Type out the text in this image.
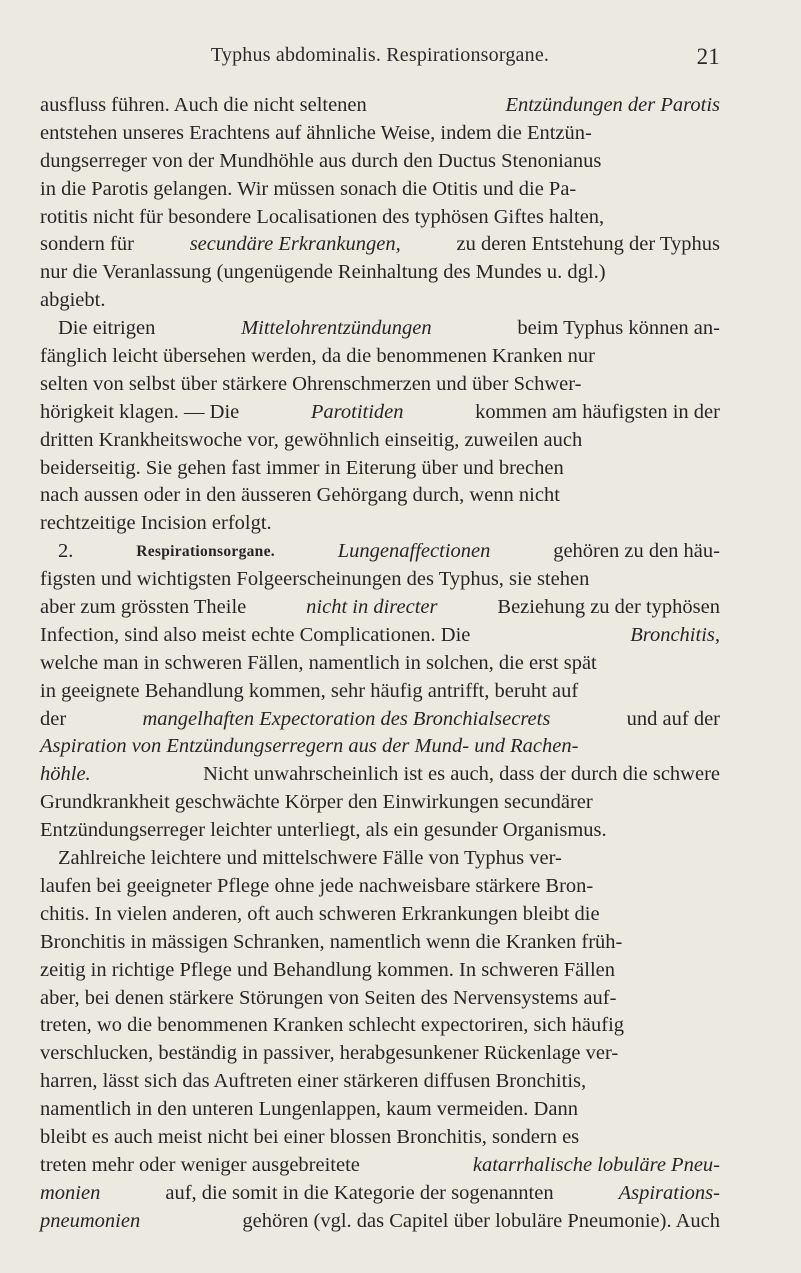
Typhus abdominalis. Respirationsorgane.	21
ausfluss führen. Auch die nicht seltenen	Entzündungen der Parotis
entstehen unseres Erachtens auf ähnliche Weise, indem die Entzün-
dungserreger von der Mundhöhle aus durch den Ductus Stenonianus
in die Parotis gelangen. Wir müssen sonach die Otitis und die Pa-
rotitis nicht für besondere Localisationen des typhösen Giftes halten,
sondern für	secundäre Erkrankungen,	zu deren Entstehung der Typhus
nur die Veranlassung (ungenügende Reinhaltung des Mundes u. dgl.)
abgiebt.
Die eitrigen	Mittelohrentzündungen	beim Typhus können an-
fänglich leicht übersehen werden, da die benommenen Kranken nur
selten von selbst über stärkere Ohrenschmerzen und über Schwer-
hörigkeit klagen. — Die	Parotitiden	kommen am häufigsten in der
dritten Krankheitswoche vor, gewöhnlich einseitig, zuweilen auch
beiderseitig. Sie gehen fast immer in Eiterung über und brechen
nach aussen oder in den äusseren Gehörgang durch, wenn nicht
rechtzeitige Incision erfolgt.
2.	Respirationsorgane.	Lungenaffectionen	gehören zu den häu-
figsten und wichtigsten Folgeerscheinungen des Typhus, sie stehen
aber zum grössten Theile	nicht in directer	Beziehung zu der typhösen
Infection, sind also meist echte Complicationen. Die	Bronchitis,
welche man in schweren Fällen, namentlich in solchen, die erst spät
in geeignete Behandlung kommen, sehr häufig antrifft, beruht auf
der	mangelhaften Expectoration des Bronchialsecrets	und auf der
Aspiration von Entzündungserregern aus der Mund- und Rachen-
höhle.	Nicht unwahrscheinlich ist es auch, dass der durch die schwere
Grundkrankheit geschwächte Körper den Einwirkungen secundärer
Entzündungserreger leichter unterliegt, als ein gesunder Organismus.
Zahlreiche leichtere und mittelschwere Fälle von Typhus ver-
laufen bei geeigneter Pflege ohne jede nachweisbare stärkere Bron-
chitis. In vielen anderen, oft auch schweren Erkrankungen bleibt die
Bronchitis in mässigen Schranken, namentlich wenn die Kranken früh-
zeitig in richtige Pflege und Behandlung kommen. In schweren Fällen
aber, bei denen stärkere Störungen von Seiten des Nervensystems auf-
treten, wo die benommenen Kranken schlecht expectoriren, sich häufig
verschlucken, beständig in passiver, herabgesunkener Rückenlage ver-
harren, lässt sich das Auftreten einer stärkeren diffusen Bronchitis,
namentlich in den unteren Lungenlappen, kaum vermeiden. Dann
bleibt es auch meist nicht bei einer blossen Bronchitis, sondern es
treten mehr oder weniger ausgebreitete	katarrhalische lobuläre Pneu-
monien	auf, die somit in die Kategorie der sogenannten	Aspirations-
pneumonien	gehören (vgl. das Capitel über lobuläre Pneumonie). Auch
